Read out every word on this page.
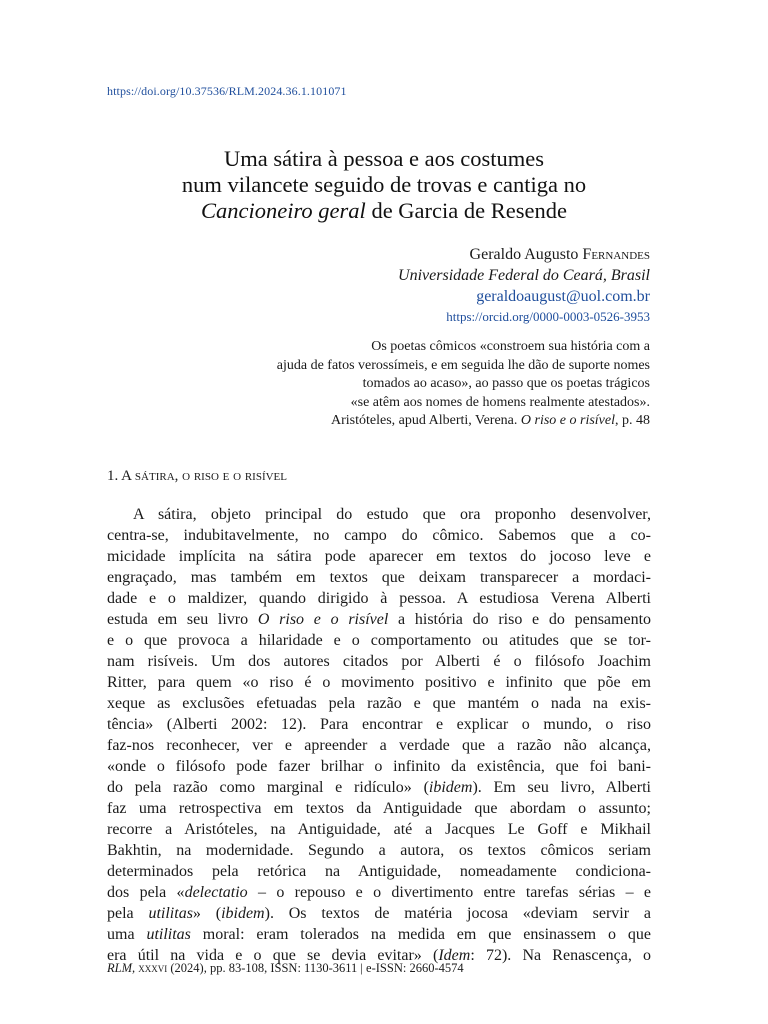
https://doi.org/10.37536/RLM.2024.36.1.101071
Uma sátira à pessoa e aos costumes
num vilancete seguido de trovas e cantiga no
Cancioneiro geral de Garcia de Resende
Geraldo Augusto Fernandes
Universidade Federal do Ceará, Brasil
geraldoaugust@uol.com.br
https://orcid.org/0000-0003-0526-3953
Os poetas cômicos «constroem sua história com a
ajuda de fatos verossímeis, e em seguida lhe dão de suporte nomes
tomados ao acaso», ao passo que os poetas trágicos
«se atêm aos nomes de homens realmente atestados».
Aristóteles, apud Alberti, Verena. O riso e o risível, p. 48
1. A sátira, o riso e o risível
A sátira, objeto principal do estudo que ora proponho desenvolver,
centra-se, indubitavelmente, no campo do cômico. Sabemos que a co-
micidade implícita na sátira pode aparecer em textos do jocoso leve e
engraçado, mas também em textos que deixam transparecer a mordaci-
dade e o maldizer, quando dirigido à pessoa. A estudiosa Verena Alberti
estuda em seu livro O riso e o risível a história do riso e do pensamento
e o que provoca a hilaridade e o comportamento ou atitudes que se tor-
nam risíveis. Um dos autores citados por Alberti é o filósofo Joachim
Ritter, para quem «o riso é o movimento positivo e infinito que põe em
xeque as exclusões efetuadas pela razão e que mantém o nada na exis-
tência» (Alberti 2002: 12). Para encontrar e explicar o mundo, o riso
faz-nos reconhecer, ver e apreender a verdade que a razão não alcança,
«onde o filósofo pode fazer brilhar o infinito da existência, que foi bani-
do pela razão como marginal e ridículo» (ibidem). Em seu livro, Alberti
faz uma retrospectiva em textos da Antiguidade que abordam o assunto;
recorre a Aristóteles, na Antiguidade, até a Jacques Le Goff e Mikhail
Bakhtin, na modernidade. Segundo a autora, os textos cômicos seriam
determinados pela retórica na Antiguidade, nomeadamente condiciona-
dos pela «delectatio – o repouso e o divertimento entre tarefas sérias – e
pela utilitas» (ibidem). Os textos de matéria jocosa «deviam servir a
uma utilitas moral: eram tolerados na medida em que ensinassem o que
era útil na vida e o que se devia evitar» (Idem: 72). Na Renascença, o
RLM, xxxvi (2024), pp. 83-108, ISSN: 1130-3611 | e-ISSN: 2660-4574
